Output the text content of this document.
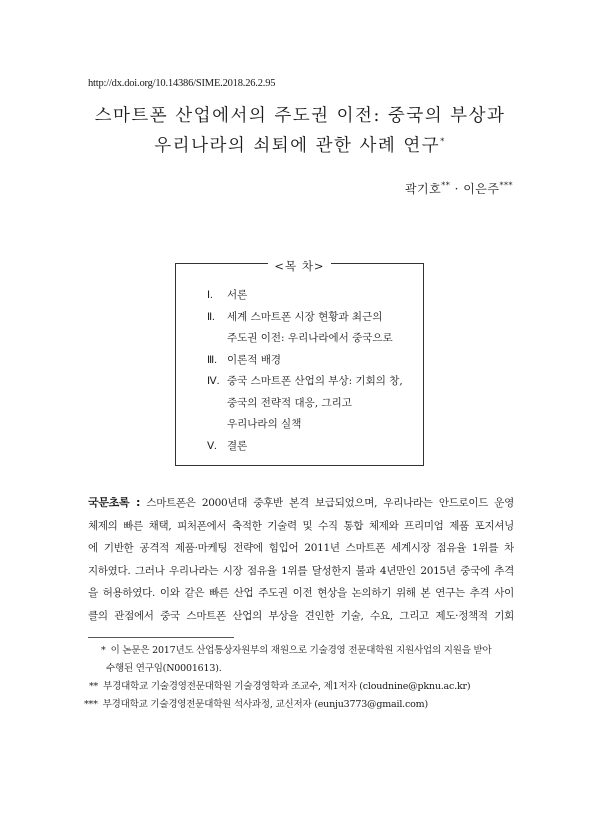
http://dx.doi.org/10.14386/SIME.2018.26.2.95
스마트폰 산업에서의 주도권 이전: 중국의 부상과
우리나라의 쇠퇴에 관한 사례 연구*
곽기호** · 이은주***
<목 차>
Ⅰ. 서론
Ⅱ. 세계 스마트폰 시장 현황과 최근의
주도권 이전: 우리나라에서 중국으로
Ⅲ. 이론적 배경
Ⅳ. 중국 스마트폰 산업의 부상: 기회의 창,
중국의 전략적 대응, 그리고
우리나라의 실책
Ⅴ. 결론
국문초록 : 스마트폰은 2000년대 중후반 본격 보급되었으며, 우리나라는 안드로이드 운영
체제의 빠른 채택, 피처폰에서 축적한 기술력 및 수직 통합 체제와 프리미엄 제품 포지셔닝
에 기반한 공격적 제품·마케팅 전략에 힘입어 2011년 스마트폰 세계시장 점유율 1위를 차
지하였다. 그러나 우리나라는 시장 점유율 1위를 달성한지 불과 4년만인 2015년 중국에 추격
을 허용하였다. 이와 같은 빠른 산업 주도권 이전 현상을 논의하기 위해 본 연구는 추격 사이
클의 관점에서 중국 스마트폰 산업의 부상을 견인한 기술, 수요, 그리고 제도·정책적 기회
* 이 논문은 2017년도 산업통상자원부의 재원으로 기술경영 전문대학원 지원사업의 지원을 받아
수행된 연구임(N0001613).
** 부경대학교 기술경영전문대학원 기술경영학과 조교수, 제1저자 (cloudnine@pknu.ac.kr)
*** 부경대학교 기술경영전문대학원 석사과정, 교신저자 (eunju3773@gmail.com)
